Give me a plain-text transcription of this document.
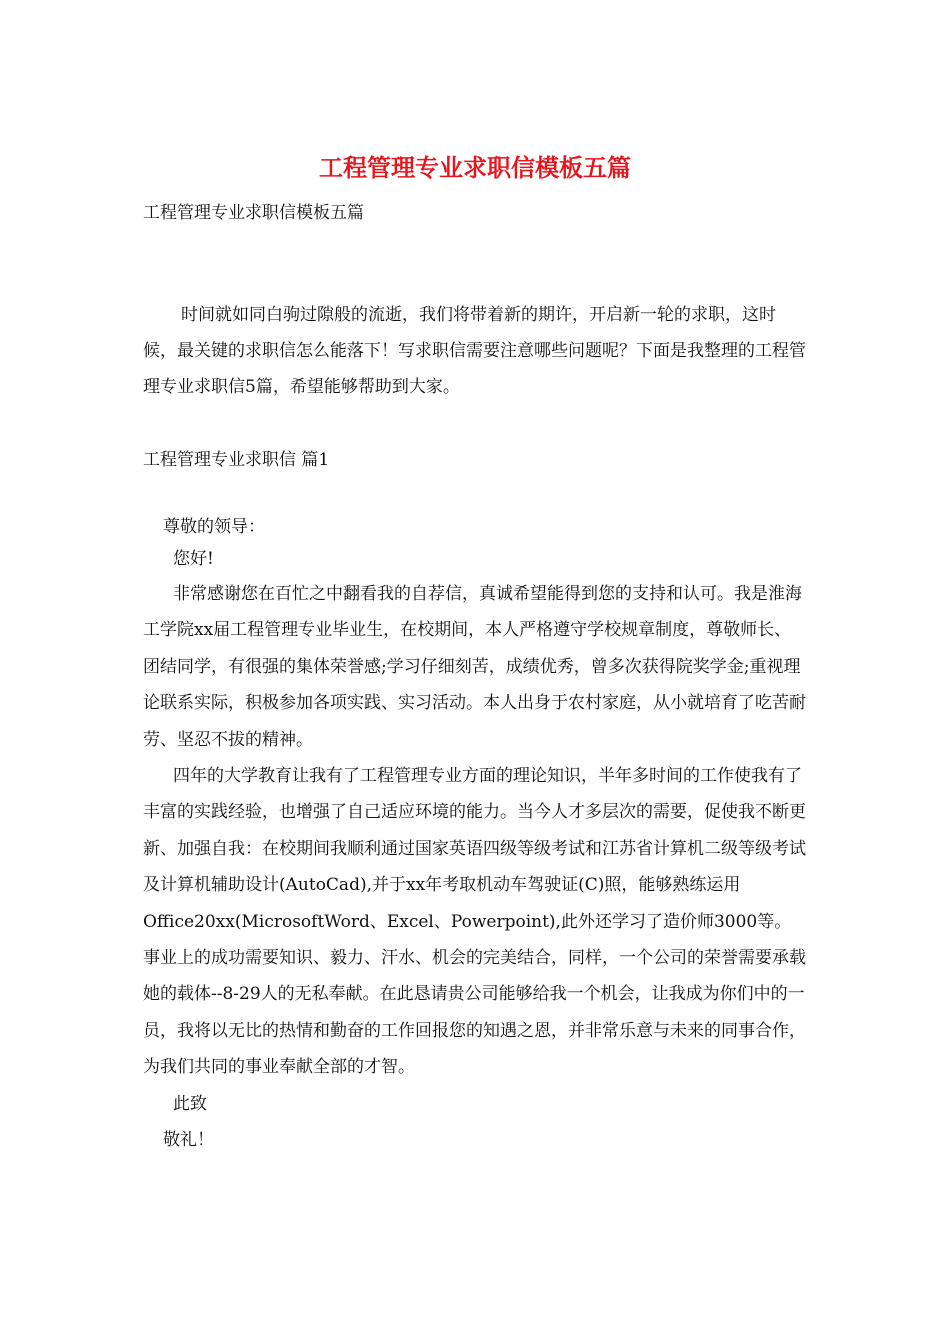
工程管理专业求职信模板五篇
工程管理专业求职信模板五篇

时间就如同白驹过隙般的流逝，我们将带着新的期许，开启新一轮的求职，这时候，最关键的求职信怎么能落下！写求职信需要注意哪些问题呢？下面是我整理的工程管理专业求职信5篇，希望能够帮助到大家。

工程管理专业求职信 篇1

尊敬的领导：

您好!

非常感谢您在百忙之中翻看我的自荐信，真诚希望能得到您的支持和认可。我是淮海工学院xx届工程管理专业毕业生，在校期间，本人严格遵守学校规章制度，尊敬师长、团结同学，有很强的集体荣誉感;学习仔细刻苦，成绩优秀，曾多次获得院奖学金;重视理论联系实际，积极参加各项实践、实习活动。本人出身于农村家庭，从小就培育了吃苦耐劳、坚忍不拔的精神。

四年的大学教育让我有了工程管理专业方面的理论知识，半年多时间的工作使我有了丰富的实践经验，也增强了自己适应环境的能力。当今人才多层次的需要，促使我不断更新、加强自我：在校期间我顺利通过国家英语四级等级考试和江苏省计算机二级等级考试及计算机辅助设计(AutoCad),并于xx年考取机动车驾驶证(C)照，能够熟练运用

Office20xx(MicrosoftWord、Excel、Powerpoint),此外还学习了造价师3000等。事业上的成功需要知识、毅力、汗水、机会的完美结合，同样，一个公司的荣誉需要承载她的载体--8-29人的无私奉献。在此恳请贵公司能够给我一个机会，让我成为你们中的一员，我将以无比的热情和勤奋的工作回报您的知遇之恩，并非常乐意与未来的同事合作，为我们共同的事业奉献全部的才智。

此致

敬礼！
